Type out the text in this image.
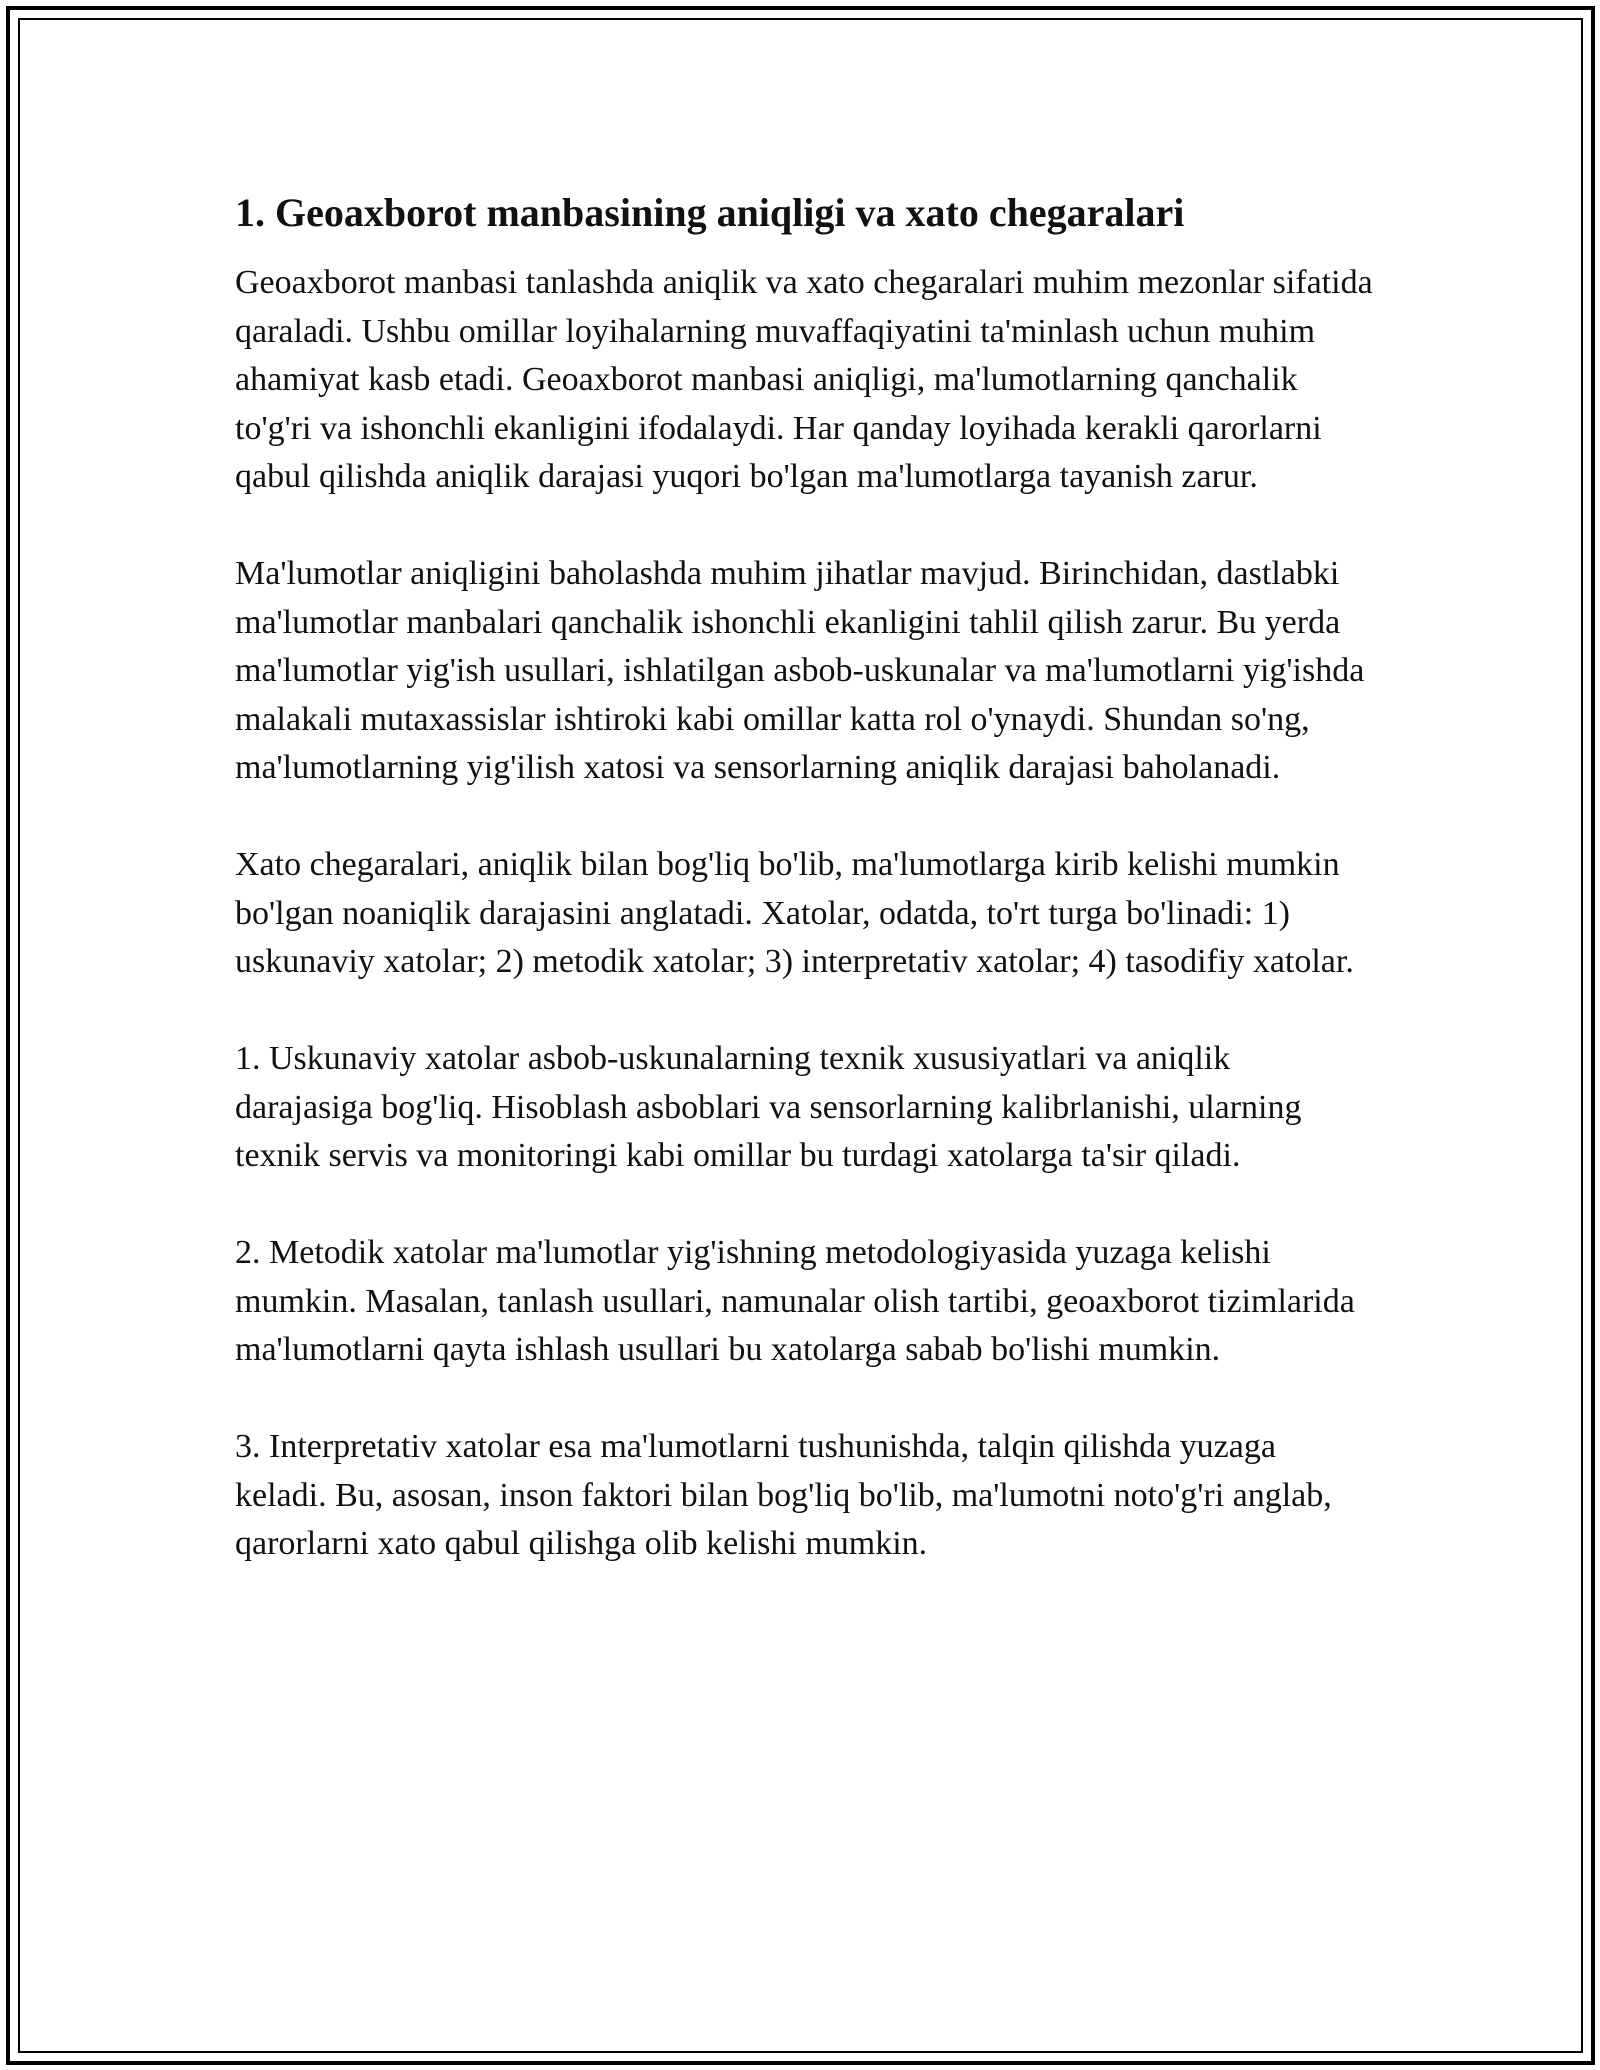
1. Geoaxborot manbasining aniqligi va xato chegaralari

Geoaxborot manbasi tanlashda aniqlik va xato chegaralari muhim mezonlar sifatida qaraladi. Ushbu omillar loyihalarning muvaffaqiyatini ta'minlash uchun muhim ahamiyat kasb etadi. Geoaxborot manbasi aniqligi, ma'lumotlarning qanchalik to'g'ri va ishonchli ekanligini ifodalaydi. Har qanday loyihada kerakli qarorlarni qabul qilishda aniqlik darajasi yuqori bo'lgan ma'lumotlarga tayanish zarur.

Ma'lumotlar aniqligini baholashda muhim jihatlar mavjud. Birinchidan, dastlabki ma'lumotlar manbalari qanchalik ishonchli ekanligini tahlil qilish zarur. Bu yerda ma'lumotlar yig'ish usullari, ishlatilgan asbob-uskunalar va ma'lumotlarni yig'ishda malakali mutaxassislar ishtiroki kabi omillar katta rol o'ynaydi. Shundan so'ng, ma'lumotlarning yig'ilish xatosi va sensorlarning aniqlik darajasi baholanadi.

Xato chegaralari, aniqlik bilan bog'liq bo'lib, ma'lumotlarga kirib kelishi mumkin bo'lgan noaniqlik darajasini anglatadi. Xatolar, odatda, to'rt turga bo'linadi: 1) uskunaviy xatolar; 2) metodik xatolar; 3) interpretativ xatolar; 4) tasodifiy xatolar.

1. Uskunaviy xatolar asbob-uskunalarning texnik xususiyatlari va aniqlik darajasiga bog'liq. Hisoblash asboblari va sensorlarning kalibrlanishi, ularning texnik servis va monitoringi kabi omillar bu turdagi xatolarga ta'sir qiladi.

2. Metodik xatolar ma'lumotlar yig'ishning metodologiyasida yuzaga kelishi mumkin. Masalan, tanlash usullari, namunalar olish tartibi, geoaxborot tizimlarida ma'lumotlarni qayta ishlash usullari bu xatolarga sabab bo'lishi mumkin.

3. Interpretativ xatolar esa ma'lumotlarni tushunishda, talqin qilishda yuzaga keladi. Bu, asosan, inson faktori bilan bog'liq bo'lib, ma'lumotni noto'g'ri anglab, qarorlarni xato qabul qilishga olib kelishi mumkin.
